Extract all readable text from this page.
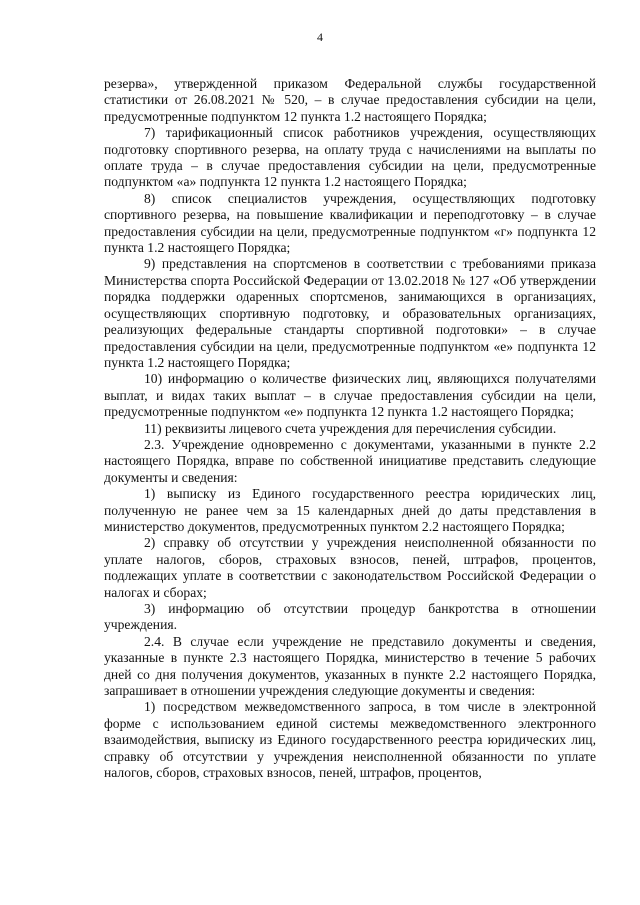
4

резерва», утвержденной приказом Федеральной службы государственной статистики от 26.08.2021 № 520, – в случае предоставления субсидии на цели, предусмотренные подпунктом 12 пункта 1.2 настоящего Порядка;

7) тарификационный список работников учреждения, осуществляющих подготовку спортивного резерва, на оплату труда с начислениями на выплаты по оплате труда – в случае предоставления субсидии на цели, предусмотренные подпунктом «а» подпункта 12 пункта 1.2 настоящего Порядка;

8) список специалистов учреждения, осуществляющих подготовку спортивного резерва, на повышение квалификации и переподготовку – в случае предоставления субсидии на цели, предусмотренные подпунктом «г» подпункта 12 пункта 1.2 настоящего Порядка;

9) представления на спортсменов в соответствии с требованиями приказа Министерства спорта Российской Федерации от 13.02.2018 № 127 «Об утверждении порядка поддержки одаренных спортсменов, занимающихся в организациях, осуществляющих спортивную подготовку, и образовательных организациях, реализующих федеральные стандарты спортивной подготовки» – в случае предоставления субсидии на цели, предусмотренные подпунктом «е» подпункта 12 пункта 1.2 настоящего Порядка;

10) информацию о количестве физических лиц, являющихся получателями выплат, и видах таких выплат – в случае предоставления субсидии на цели, предусмотренные подпунктом «е» подпункта 12 пункта 1.2 настоящего Порядка;

11) реквизиты лицевого счета учреждения для перечисления субсидии.

2.3. Учреждение одновременно с документами, указанными в пункте 2.2 настоящего Порядка, вправе по собственной инициативе представить следующие документы и сведения:

1) выписку из Единого государственного реестра юридических лиц, полученную не ранее чем за 15 календарных дней до даты представления в министерство документов, предусмотренных пунктом 2.2 настоящего Порядка;

2) справку об отсутствии у учреждения неисполненной обязанности по уплате налогов, сборов, страховых взносов, пеней, штрафов, процентов, подлежащих уплате в соответствии с законодательством Российской Федерации о налогах и сборах;

3) информацию об отсутствии процедур банкротства в отношении учреждения.

2.4. В случае если учреждение не представило документы и сведения, указанные в пункте 2.3 настоящего Порядка, министерство в течение 5 рабочих дней со дня получения документов, указанных в пункте 2.2 настоящего Порядка, запрашивает в отношении учреждения следующие документы и сведения:

1) посредством межведомственного запроса, в том числе в электронной форме с использованием единой системы межведомственного электронного взаимодействия, выписку из Единого государственного реестра юридических лиц, справку об отсутствии у учреждения неисполненной обязанности по уплате налогов, сборов, страховых взносов, пеней, штрафов, процентов,
